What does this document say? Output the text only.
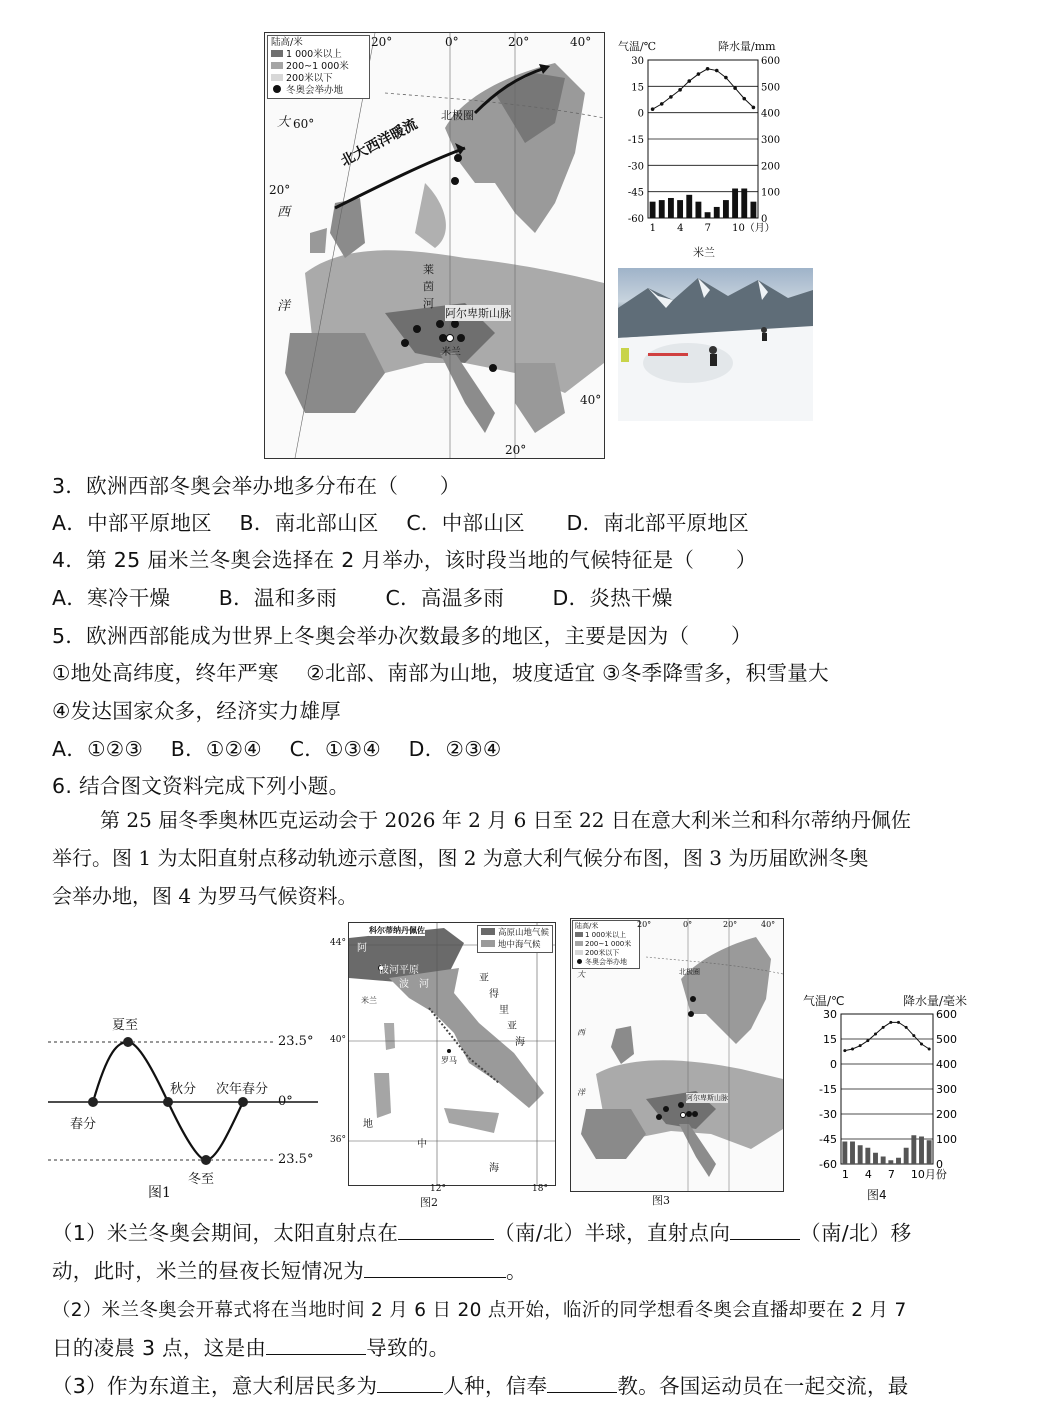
陆高/米
1 000米以上
200~1 000米
200米以下
冬奥会举办地
20°	0°	20°	40°
60°
20°
40°
20°
大
西
洋
北大西洋暖流
北极圈
莱
茵
河
阿尔卑斯山脉
米兰
气温/℃	降水量/mm
30	600
15	500
0	400
-15	300
-30	200
-45	100
-60	0
1 4 7 10（月）
米兰
3．欧洲西部冬奥会举办地多分布在（　　）
A．中部平原地区　 B．南北部山区　 C．中部山区　　D．南北部平原地区
4．第 25 届米兰冬奥会选择在 2 月举办，该时段当地的气候特征是（　　）
A．寒冷干燥　　 B．温和多雨　　 C．高温多雨　　 D．炎热干燥
5．欧洲西部能成为世界上冬奥会举办次数最多的地区，主要是因为（　　）
①地处高纬度，终年严寒　 ②北部、南部为山地，坡度适宜 ③冬季降雪多，积雪量大
④发达国家众多，经济实力雄厚
A．①②③　 B．①②④　 C．①③④　 D．②③④
6. 结合图文资料完成下列小题。
第 25 届冬季奥林匹克运动会于 2026 年 2 月 6 日至 22 日在意大利米兰和科尔蒂纳丹佩佐
举行。图 1 为太阳直射点移动轨迹示意图，图 2 为意大利气候分布图，图 3 为历届欧洲冬奥
会举办地，图 4 为罗马气候资料。
夏至
春分
秋分 次年春分
冬至
23.5°
0°
23.5°
图1
高原山地气候
地中海气候
科尔蒂纳丹佩佐
阿
波河平原
波 河
米兰
罗马
亚
得
里
亚
海
地
中
海
44°
40°
36°
12°	18°
图2
陆高/米
1 000米以上
200~1 000米
200米以下
冬奥会举办地
20°	0°	20°	40°
北极圈
阿尔卑斯山脉
大
西
洋
图3
气温/℃	降水量/毫米
30	600
15	500
0	400
-15	300
-30	200
-45	100
-60	0
1 4 7 10月份
图4
（1）米兰冬奥会期间，太阳直射点在	（南/北）半球，直射点向	（南/北）移
动，此时，米兰的昼夜长短情况为	。
（2）米兰冬奥会开幕式将在当地时间 2 月 6 日 20 点开始，临沂的同学想看冬奥会直播却要在 2 月 7
日的凌晨 3 点，这是由	导致的。
（3）作为东道主，意大利居民多为	人种，信奉	教。各国运动员在一起交流，最
